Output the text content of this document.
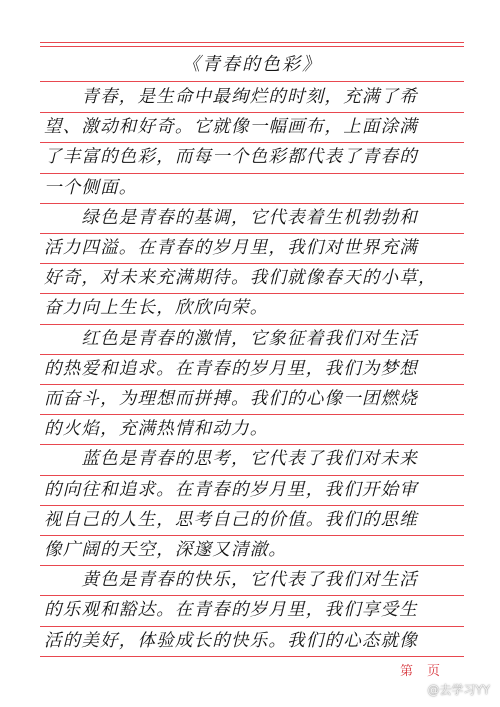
《青春的色彩》
　　青春，是生命中最绚烂的时刻，充满了希
望、激动和好奇。它就像一幅画布，上面涂满
了丰富的色彩，而每一个色彩都代表了青春的
一个侧面。
　　绿色是青春的基调，它代表着生机勃勃和
活力四溢。在青春的岁月里，我们对世界充满
好奇，对未来充满期待。我们就像春天的小草，
奋力向上生长，欣欣向荣。
　　红色是青春的激情，它象征着我们对生活
的热爱和追求。在青春的岁月里，我们为梦想
而奋斗，为理想而拼搏。我们的心像一团燃烧
的火焰，充满热情和动力。
　　蓝色是青春的思考，它代表了我们对未来
的向往和追求。在青春的岁月里，我们开始审
视自己的人生，思考自己的价值。我们的思维
像广阔的天空，深邃又清澈。
　　黄色是青春的快乐，它代表了我们对生活
的乐观和豁达。在青春的岁月里，我们享受生
活的美好，体验成长的快乐。我们的心态就像
第页
@去学习YY
